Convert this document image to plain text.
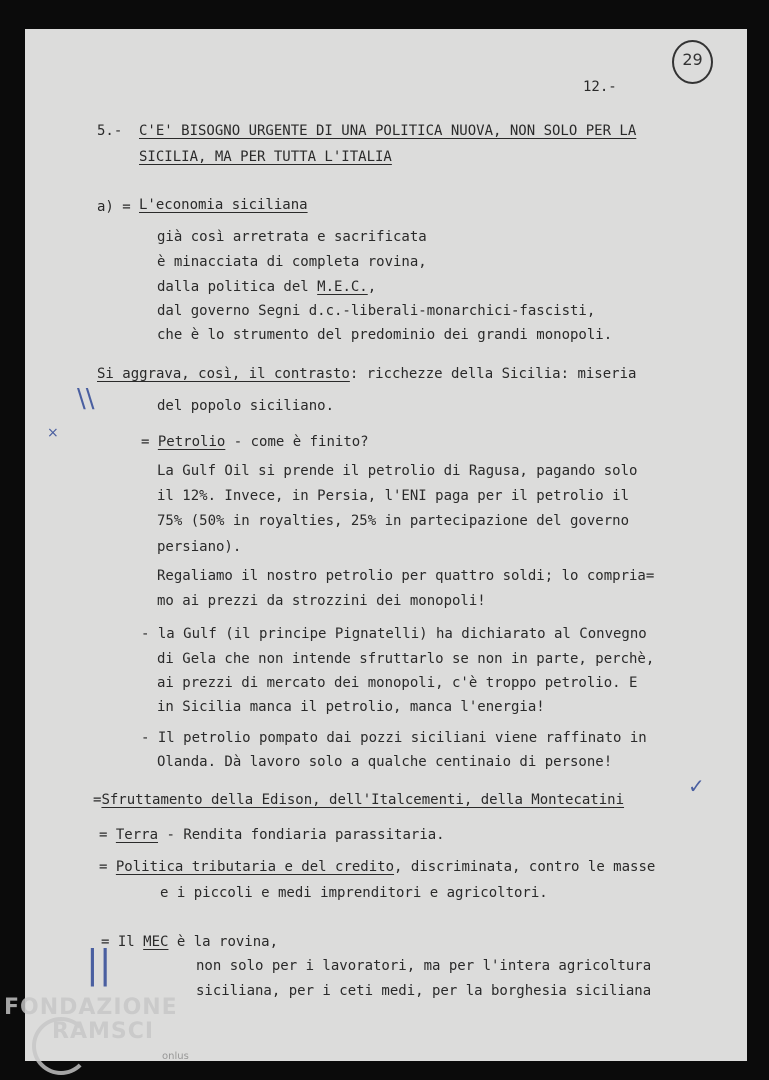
29
12.-
5.- C'E' BISOGNO URGENTE DI UNA POLITICA NUOVA, NON SOLO PER LA
SICILIA, MA PER TUTTA L'ITALIA
a) = L'economia siciliana
già così arretrata e sacrificata
è minacciata di completa rovina,
dalla politica del M.E.C.,
dal governo Segni d.c.-liberali-monarchici-fascisti,
che è lo strumento del predominio dei grandi monopoli.
Si aggrava, così, il contrasto: ricchezze della Sicilia: miseria
del popolo siciliano.
= Petrolio - come è finito?
La Gulf Oil si prende il petrolio di Ragusa, pagando solo
il 12%. Invece, in Persia, l'ENI paga per il petrolio il
75% (50% in royalties, 25% in partecipazione del governo
persiano).
Regaliamo il nostro petrolio per quattro soldi; lo compria=
mo ai prezzi da strozzini dei monopoli!
- la Gulf (il principe Pignatelli) ha dichiarato al Convegno
di Gela che non intende sfruttarlo se non in parte, perchè,
ai prezzi di mercato dei monopoli, c'è troppo petrolio. E
in Sicilia manca il petrolio, manca l'energia!
- Il petrolio pompato dai pozzi siciliani viene raffinato in
Olanda. Dà lavoro solo a qualche centinaio di persone!
=Sfruttamento della Edison, dell'Italcementi, della Montecatini
= Terra - Rendita fondiaria parassitaria.
= Politica tributaria e del credito, discriminata, contro le masse
e i piccoli e medi imprenditori e agricoltori.
= Il MEC è la rovina,
non solo per i lavoratori, ma per l'intera agricoltura
siciliana, per i ceti medi, per la borghesia siciliana
\\
×
✓
||
FONDAZIONE
RAMSCI
onlus
